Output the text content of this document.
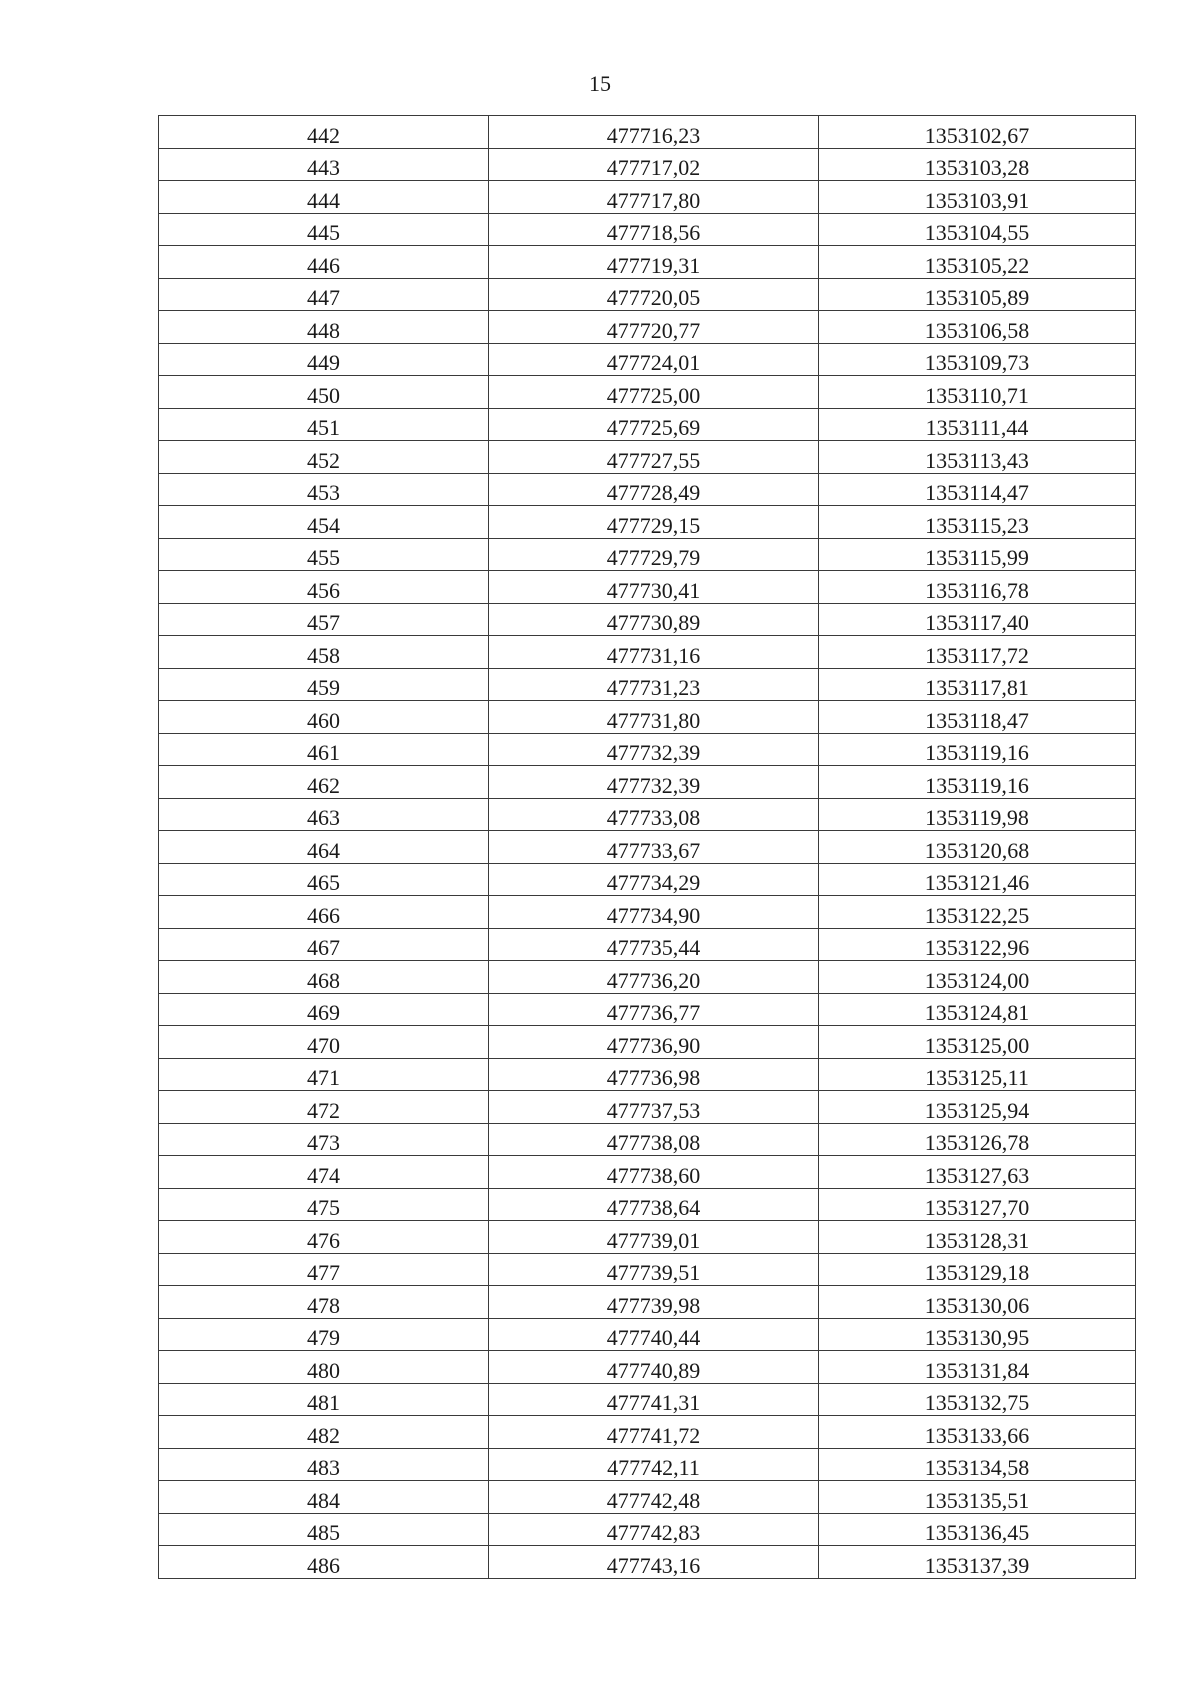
15
442	477716,23	1353102,67
443	477717,02	1353103,28
444	477717,80	1353103,91
445	477718,56	1353104,55
446	477719,31	1353105,22
447	477720,05	1353105,89
448	477720,77	1353106,58
449	477724,01	1353109,73
450	477725,00	1353110,71
451	477725,69	1353111,44
452	477727,55	1353113,43
453	477728,49	1353114,47
454	477729,15	1353115,23
455	477729,79	1353115,99
456	477730,41	1353116,78
457	477730,89	1353117,40
458	477731,16	1353117,72
459	477731,23	1353117,81
460	477731,80	1353118,47
461	477732,39	1353119,16
462	477732,39	1353119,16
463	477733,08	1353119,98
464	477733,67	1353120,68
465	477734,29	1353121,46
466	477734,90	1353122,25
467	477735,44	1353122,96
468	477736,20	1353124,00
469	477736,77	1353124,81
470	477736,90	1353125,00
471	477736,98	1353125,11
472	477737,53	1353125,94
473	477738,08	1353126,78
474	477738,60	1353127,63
475	477738,64	1353127,70
476	477739,01	1353128,31
477	477739,51	1353129,18
478	477739,98	1353130,06
479	477740,44	1353130,95
480	477740,89	1353131,84
481	477741,31	1353132,75
482	477741,72	1353133,66
483	477742,11	1353134,58
484	477742,48	1353135,51
485	477742,83	1353136,45
486	477743,16	1353137,39
